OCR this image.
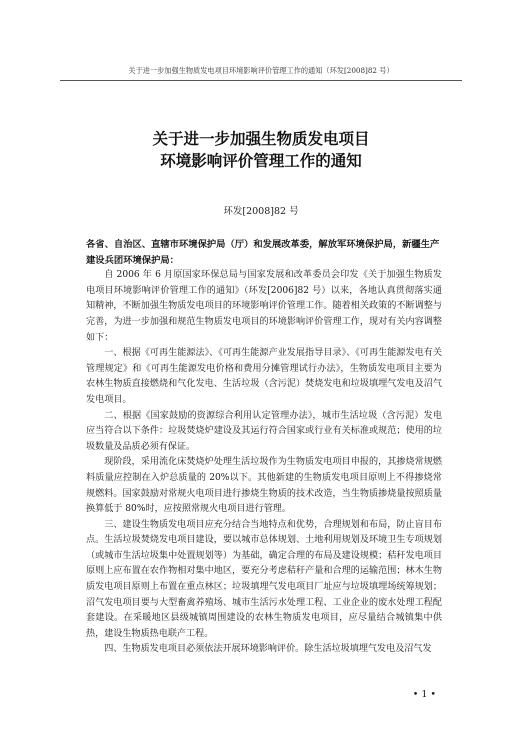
关于进一步加强生物质发电项目环境影响评价管理工作的通知（环发[2008]82 号）
关于进一步加强生物质发电项目
环境影响评价管理工作的通知
环发[2008]82 号

各省、自治区、直辖市环境保护局（厅）和发展改革委，解放军环境保护局，新疆生产建设兵团环境保护局：

自 2006 年 6 月原国家环保总局与国家发展和改革委员会印发《关于加强生物质发电项目环境影响评价管理工作的通知》（环发[2006]82 号）以来，各地认真贯彻落实通知精神，不断加强生物质发电项目的环境影响评价管理工作。随着相关政策的不断调整与完善，为进一步加强和规范生物质发电项目的环境影响评价管理工作，现对有关内容调整如下：

一、根据《可再生能源法》、《可再生能源产业发展指导目录》、《可再生能源发电有关管理规定》和《可再生能源发电价格和费用分摊管理试行办法》，生物质发电项目主要为农林生物质直接燃烧和气化发电、生活垃圾（含污泥）焚烧发电和垃圾填埋气发电及沼气发电项目。

二、根据《国家鼓励的资源综合利用认定管理办法》，城市生活垃圾（含污泥）发电应当符合以下条件：垃圾焚烧炉建设及其运行符合国家或行业有关标准或规范；使用的垃圾数量及品质必须有保证。

现阶段，采用流化床焚烧炉处理生活垃圾作为生物质发电项目申报的，其掺烧常规燃料质量应控制在入炉总质量的 20%以下。其他新建的生物质发电项目原则上不得掺烧常规燃料。国家鼓励对常规火电项目进行掺烧生物质的技术改造，当生物质掺烧量按照质量换算低于 80%时，应按照常规火电项目进行管理。

三、建设生物质发电项目应充分结合当地特点和优势，合理规划和布局，防止盲目布点。生活垃圾焚烧发电项目建设，要以城市总体规划、土地利用规划及环境卫生专项规划（或城市生活垃圾集中处置规划等）为基础，确定合理的布局及建设规模；秸秆发电项目原则上应布置在农作物相对集中地区，要充分考虑秸秆产量和合理的运输范围；林木生物质发电项目原则上布置在重点林区；垃圾填埋气发电项目厂址应与垃圾填埋场统筹规划；沼气发电项目要与大型畜禽养殖场、城市生活污水处理工程、工业企业的废水处理工程配套建设。在采暖地区县级城镇周围建设的农林生物质发电项目，应尽量结合城镇集中供热，建设生物质热电联产工程。

四、生物质发电项目必须依法开展环境影响评价。除生活垃圾填埋气发电及沼气发

• 1 •
